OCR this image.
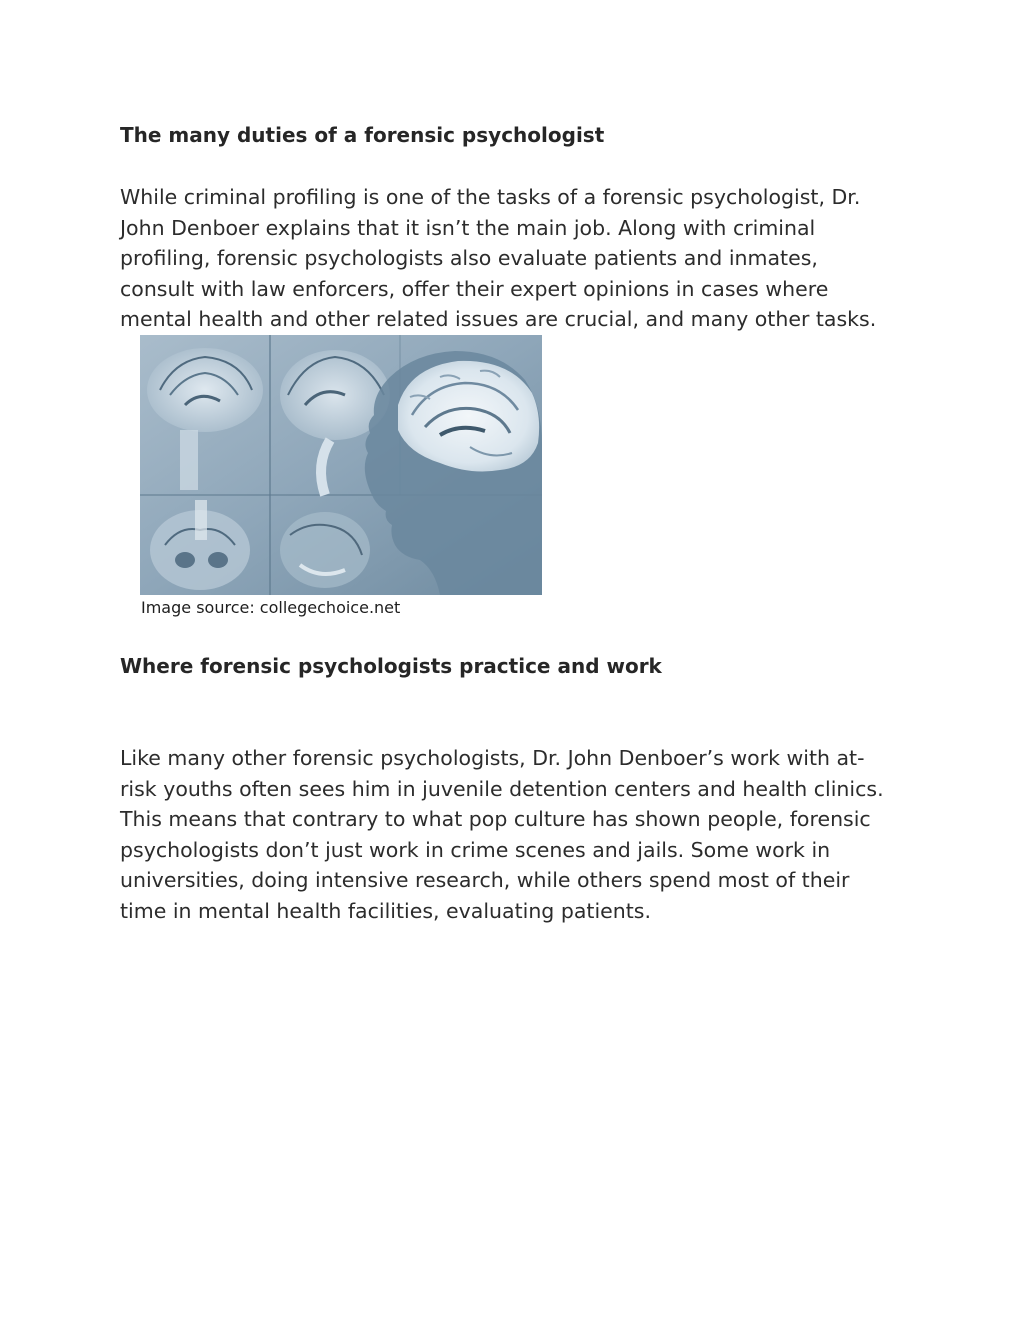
The many duties of a forensic psychologist

While criminal profiling is one of the tasks of a forensic psychologist, Dr.
John Denboer explains that it isn’t the main job. Along with criminal
profiling, forensic psychologists also evaluate patients and inmates,
consult with law enforcers, offer their expert opinions in cases where
mental health and other related issues are crucial, and many other tasks.

Image source: collegechoice.net

Where forensic psychologists practice and work

Like many other forensic psychologists, Dr. John Denboer’s work with at-
risk youths often sees him in juvenile detention centers and health clinics.
This means that contrary to what pop culture has shown people, forensic
psychologists don’t just work in crime scenes and jails. Some work in
universities, doing intensive research, while others spend most of their
time in mental health facilities, evaluating patients.
